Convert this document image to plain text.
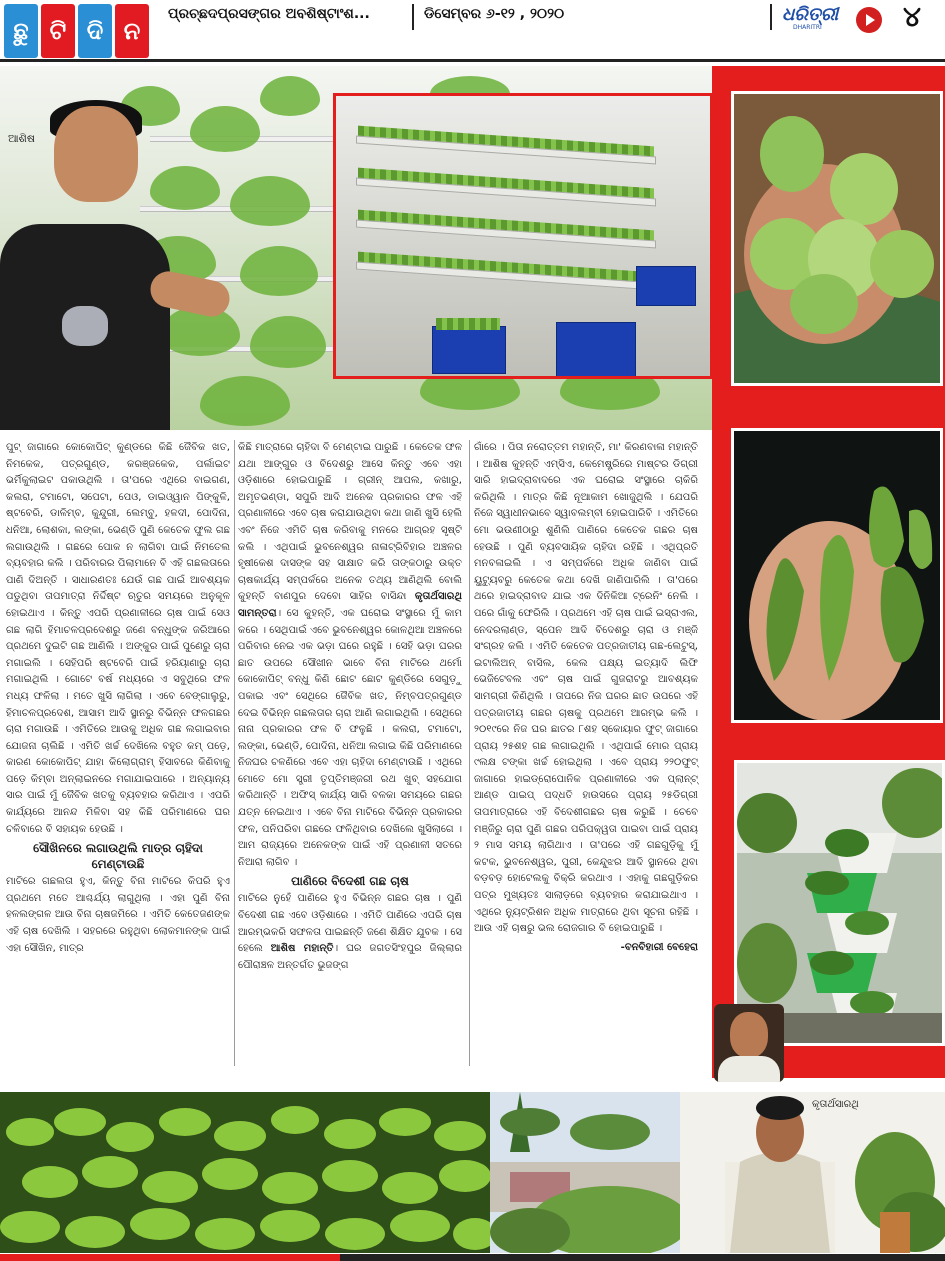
ଛୁ ଟି ଦି ନ
ପ୍ରଚ୍ଛଦପ୍ରସଙ୍ଗର ଅବଶିଷ୍ଟାଂଶ...	ଡିସେମ୍ବର ୬-୧୨ , ୨୦୨୦	ଧରିତ୍ରୀ
DHARITRI	୪
ଆଶିଷ

ପୁଟ୍ ଜାଗାରେ କୋକୋପିଟ୍ କୁଣ୍ଡରେ କିଛି ଜୈବିକ ଖତ, ନିମକେକ, ପତ୍ରଗୁଣ୍ଡ, କରଞ୍ଜକେକ, ପର୍ଲାଇଟ ଭର୍ମିକୁଲାଇଟ ପକାଉଥିଲି । ତା'ପରେ ଏଥିରେ ବାଇଗଣ, କଲରା, ଟମାଟୋ, ସପେଟା, ପେଓ, ଡାଇଓ୍ୱାନ ପିଙ୍କୁଳି, ଷ୍ଟବେରି, ଡାଳିମ୍ବ, କୁନ୍ଦୁରୀ, ଲେମ୍ବୁ, ହଳଦୀ, ପୋଦିନା, ଧନିଆ, ଲୋଶକା, ଲଙ୍କା, ଭେଣ୍ଡି ପୁଣି କେତେକ ଫୁଲ ଗଛ ଲଗାଉଥିଲି । ଗଛରେ ପୋକ ନ ଲାଗିବା ପାଇଁ ନିମତେଲ ବ୍ୟବହାର କଲି । ପରିବାରର ପିଲାମାନେ ବି ଏହି ଗଛଲତାରେ ପାଣି ଦିଅନ୍ତି । ସାଧାରଣତଃ ଯେଉଁ ଗଛ ପାଇଁ ଆବଶ୍ୟକ ପଡୁଥିବା ତାପମାତ୍ରା ନିର୍ଦ୍ଦିଷ୍ଟ ଋତୁର ସମୟରେ ଅନୁକୂଳ ହୋଇଥାଏ । କିନ୍ତୁ ଏପରି ପ୍ରଣାଳୀରେ ଚାଷ ପାଇଁ ସେଓ ଗଛ ଲାଗି ହିମାଚଳପ୍ରଦେଶରୁ ଜଣେ ବନ୍ଧୁଙ୍କ ଜରିଆରେ ପ୍ରଥମେ ଦୁଇଟି ଗଛ ଆଣିଲି । ଅଙ୍କୁର ପାଇଁ ପୁଣେରୁ ଚାରା ମଗାଇଲି । ସେହିପରି ଷ୍ଟବେରି ପାଇଁ ହରିୟାଣାରୁ ଚାରା ମଗାଇଥିଲି । ଗୋଟେ ବର୍ଷ ମଧ୍ୟରେ ଏ ସବୁଥିରେ ଫଳ ମଧ୍ୟ ଫଳିଲା । ମତେ ଖୁସି ଲାଗିଲା । ଏବେ ବେଙ୍ଗାଲୁରୁ, ହିମାଚଳପ୍ରଦେଶ, ଆସାମ ଆଦି ସ୍ଥାନରୁ ବିଭିନ୍ନ ଫଳଗଛର ଚାରା ମଗାଉଛି । ଏମିତିରେ ଆଉକୁ ଅଧିକ ଗଛ ଲଗାଇବାର ଯୋଜନା ଚାଲିଛି । ଏମିତି ଖର୍ଚ୍ଚ ଦେଖିଲେ ବହୁତ କମ୍ ପଡ଼େ, କାରଣ କୋକୋପିଟ୍ ଯାହା କିଲୋଗ୍ରାମ୍ ହିସାବରେ କିଣିବାକୁ ପଡ଼େ କିମ୍ବା ଅନ୍ଲାଇନରେ ମଗାଯାଇପାରେ । ଅନ୍ୟାନ୍ୟ ସାର ପାଇଁ ମୁଁ ଜୈବିକ ଖତକୁ ବ୍ୟବହାର କରିଥାଏ । ଏପରି କାର୍ଯ୍ୟରେ ଆନନ୍ଦ ମିଳିବା ସହ କିଛି ପରିମାଣରେ ଘର ଚଳିବାରେ ବି ସହାୟକ ହେଉଛି ।

ସୌଖିନରେ ଲଗାଉଥିଲି ମାତ୍ର ଚାହିଦା ମେଣ୍ଟାଉଛି

ମାଟିରେ ଗଛଲତା ହୁଏ, କିନ୍ତୁ ବିନା ମାଟିରେ କିପରି ହୁଏ ପ୍ରଥମେ ମତେ ଆଶ୍ଚର୍ଯ୍ୟ ଲାଗୁଥିଲା । ଏହା ପୁଣି ବିନା ହଳଲଙ୍ଗଳ ଆଉ ବିନା ଚାଷଜମିରେ । ଏମିତି କେତେଜଣଙ୍କ ଏହି ଚାଷ ଦେଖିଲି । ସହରରେ ରହୁଥିବା ଲୋକମାନଙ୍କ ପାଇଁ ଏହା ସୌଖିନ, ମାତ୍ର

କିଛି ମାତ୍ରାରେ ଚାହିଦା ବି ମେଣ୍ଟାଇ ପାରୁଛି । କେତେକ ଫଳ ଯଥା ଆଙ୍ଗୁର ଓ ବିଦେଶରୁ ଆସେ କିନ୍ତୁ ଏବେ ଏହା ଓଡ଼ିଶାରେ ହୋଇପାରୁଛି । ଗ୍ରୀନ୍ ଆପଲ, କଖାରୁ, ଅମୃତଭଣ୍ଡା, ସପୁରି ଆଦି ଅନେକ ପ୍ରକାରର ଫଳ ଏହି ପ୍ରଣାଳୀରେ ଏବେ ଚାଷ କରାଯାଉଥିବା କଥା ଜାଣି ଖୁସି ହେଲି ଏବଂ ନିଜେ ଏମିତି ଚାଷ କରିବାକୁ ମନରେ ଆଗ୍ରହ ସୃଷ୍ଟି କଲି । ଏଥିପାଇଁ ଭୁବନେଶ୍ୱର ନାଳାଟ୍ରିବିହାର ଅଞ୍ଚଳର ହୃଷୀକେଶ ଦାସଙ୍କ ସହ ସାକ୍ଷାତ କରି ତାଙ୍କଠାରୁ ଉକ୍ତ ଚାଷକାର୍ଯ୍ୟ ସମ୍ପର୍କରେ ଅନେକ ତଥ୍ୟ ଆଣିଥିଲି ବୋଲି କୁହନ୍ତି ବାଣପୁର ଦେବୋ ସାହିର ବାସିନ୍ଦା କୃତାର୍ଥସାରଥି ସାମନ୍ତରା। ସେ କୁହନ୍ତି, ଏକ ଘରୋଇ ସଂସ୍ଥାରେ ମୁଁ କାମ କରେ । ସେଥିପାଇଁ ଏବେ ଭୁବନେଶ୍ୱର କୋଳଥିଆ ଅଞ୍ଚଳରେ ପରିବାର ନେଇ ଏକ ଭଡ଼ା ଘରେ ରହୁଛି । ସେହି ଭଡ଼ା ଘରର ଛାତ ଉପରେ ସୌଖୀନ ଭାବେ ବିନା ମାଟିରେ ଥର୍ମୋ କୋକୋପିଟ୍ ବନ୍ଧୁ କିଣି ଛୋଟ ଛୋଟ କୁଣ୍ଡିରେ ସେଗୁଡ଼ୁ ପକାଇ ଏବଂ ସେଥିରେ ଜୈବିକ ଖତ, ନିମ୍ବପତ୍ରଗୁଣ୍ଡ ଦେଇ ବିଭିନ୍ନ ଗଛଲତାର ଚାରା ଆଣି ଲଗାଇଥିଲି । ସେଥିରେ ନାନା ପ୍ରକାରର ଫଳ ବି ଫଳୁଛି । କଲରା, ଟମାଟୋ, ଲଙ୍କା, ଭେଣ୍ଡି, ପୋଦିନା, ଧନିଆ ଲଗାଇ କିଛି ପରିମାଣରେ ନିଜଘର ଚଳଣିରେ ଏବେ ଏହା ଚାହିଦା ମେଣ୍ଟାଉଛି । ଏଥିରେ ମୋତେ ମୋ ସ୍ତ୍ରୀ ତୃପ୍ତିମଞ୍ଜରୀ ରଥ ଖୁବ୍ ସହଯୋଗ କରିଥାନ୍ତି । ଅଫିସ୍ କାର୍ଯ୍ୟ ସାରି ବଳକା ସମୟରେ ଗଛର ଯତ୍ନ ନେଇଥାଏ । ଏବେ ବିନା ମାଟିରେ ବିଭିନ୍ନ ପ୍ରକାରର ଫଳ, ପନିପରିବା ଗଛରେ ଫଳିଥିବାର ଦେଖିଲେ ଖୁସିଲାଗେ । ଆମ ରାଜ୍ୟରେ ଅନେକଙ୍କ ପାଇଁ ଏହି ପ୍ରଣାଳୀ ସତରେ ନିଆରା ଲାଗିବ ।

ପାଣିରେ ବିଦେଶୀ ଗଛ ଚାଷ

ମାଟିରେ ନୁହେଁ ପାଣିରେ ହୁଏ ବିଭିନ୍ନ ଗଛର ଚାଷ । ପୁଣି ବିଦେଶୀ ଗଛ ଏବେ ଓଡ଼ିଶାରେ । ଏମିତି ପାଣିରେ ଏପରି ଚାଷ ଆରମ୍ଭକରି ସଫଳତା ପାଇଛନ୍ତି ଜଣେ ଶିକ୍ଷିତ ଯୁବକ । ସେ ହେଲେ ଆଶିଷ ମହାନ୍ତି। ଘର ଜଗତସିଂହପୁର ଜିଲ୍ଲାର ପୌରାଞ୍ଚଳ ଅନ୍ତର୍ଗତ ଭୁଜଙ୍ଗ

ଗାଁରେ । ପିତା ନରୋତ୍ତମ ମହାନ୍ତି, ମା' କିରଣବାଳା ମହାନ୍ତି । ଆଶିଷ କୁହନ୍ତି ଏମ୍ସିଏ, କେମେଷ୍ଟ୍ରିରେ ମାଷ୍ଟର ଡିଗ୍ରୀ ସାରି ହାଇଦ୍ରାବାଦରେ ଏକ ଘରୋଇ ସଂସ୍ଥାରେ ଚାକିରି କରିଥିଲି । ମାତ୍ର କିଛି ନୂଆକାମ ଖୋଜୁଥିଲି । ଯେପରି ନିଜେ ସ୍ୱାଧୀନଭାବେ ସ୍ୱାବଲମ୍ବୀ ହୋଇପାରିବି । ଏମିତିରେ ମୋ ଭଉଣୀଠାରୁ ଶୁଣିଲି ପାଣିରେ କେତେକ ଗଛର ଚାଷ ହେଉଛି । ପୁଣି ବ୍ୟବସାୟିକ ଚାହିଦା ରହିଛି । ଏଥିପ୍ରତି ମନବଳାଇଲି । ଏ ସମ୍ପର୍କରେ ଅଧିକ ଜାଣିବା ପାଇଁ ୟୁଟ୍ୟୁବରୁ କେତେକ କଥା ଦେଖି ଜାଣିପାରିଲି । ତା'ପରେ ଥରେ ହାଇଦ୍ରାବାଦ ଯାଇ ଏକ ଦିନିକିଆ ଟ୍ରେନିଂ ନେଲି । ପରେ ଗାଁକୁ ଫେରିଲି । ପ୍ରଥମେ ଏହି ଚାଷ ପାଇଁ ଇସ୍ରାଏଲ, ନେଦରଲାଣ୍ଡ, ସ୍ପେନ ଆଦି ବିଦେଶରୁ ଚାରା ଓ ମଞ୍ଜି ସଂଗ୍ରହ କଲି । ଏମିତି କେତେକ ପତ୍ରଜାତୀୟ ଗଛ-ଲେଟୁସ୍, ଇଟାଲିଅନ୍ ବାସିଲ, କେଲ ପକ୍ଷ୍ୟ ଇତ୍ୟାଦି ଲିଫି ଭେଜିଟେବଲ ଏବଂ ଚାଷ ପାଇଁ ଗୁଜରାଟରୁ ଆବଶ୍ୟକ ସାମଗ୍ରୀ କିଣିଥିଲି । ତାପରେ ନିଜ ଘରର ଛାତ ଉପରେ ଏହି ପତ୍ରଜାତୀୟ ଗଛର ଚାଷକୁ ପ୍ରଥମେ ଆରମ୍ଭ କଲି । ୨୦୧୯ରେ ନିଜ ଘର ଛାତର ୮ଶହ ସ୍କୋୟାର ଫୁଟ୍ ଜାଗାରେ ପ୍ରାୟ ୨୫ଶହ ଗଛ ଲଗାଇଥିଲି । ଏଥିପାଇଁ ମୋର ପ୍ରାୟ ୯ଲକ୍ଷ ଟଙ୍କା ଖର୍ଚ୍ଚ ହୋଇଥିଲା । ଏବେ ପ୍ରାୟ ୨୨୦ଫୁଟ୍ ଜାଗାରେ ହାଇଡ୍ରୋପୋନିକ ପ୍ରଣାଳୀରେ ଏକ ପ୍ଲାନ୍ଟ୍ ଆଣ୍ଡ ପାଇପ୍ ପଦ୍ଧତି ହାଉସରେ ପ୍ରାୟ ୨୫ଡିଗ୍ରୀ ତାପମାତ୍ରାରେ ଏହି ବିଦେଶୀଗଛର ଚାଷ କରୁଛି । ଚେବେ ମଞ୍ଜିରୁ ଚାରା ପୁଣି ଗଛର ପରିପକ୍ୱତା ପାଇବା ପାଇଁ ପ୍ରାୟ ୨ ମାସ ସମୟ ଲାଗିଥାଏ । ତା'ପରେ ଏହି ଗଛଗୁଡ଼ିକୁ ମୁଁ କଟକ, ଭୁବନେଶ୍ୱର, ପୁରୀ, କେନ୍ଦୁଝର ଆଦି ସ୍ଥାନରେ ଥିବା ବଡ଼ବଡ଼ ହୋଟେଲକୁ ବିକ୍ରି କରଥାଏ । ଏହାକୁ ଗଛଗୁଡ଼ିକର ପତ୍ର ମୁଖ୍ୟତଃ ସାଲାଡ଼ରେ ବ୍ୟବହାର କରାଯାଇଥାଏ । ଏଥିରେ ନ୍ୟୁଟ୍ରିଶନ ଅଧିକ ମାତ୍ରାରେ ଥିବା ସୂଚନା ରହିଛି । ଆଉ ଏହି ଚାଷରୁ ଭଲ ରୋଜଗାର ବି ହୋଇପାରୁଛି ।

-ବନବିହାରୀ ବେହେରା

କୃତାର୍ଥସାରଥି
